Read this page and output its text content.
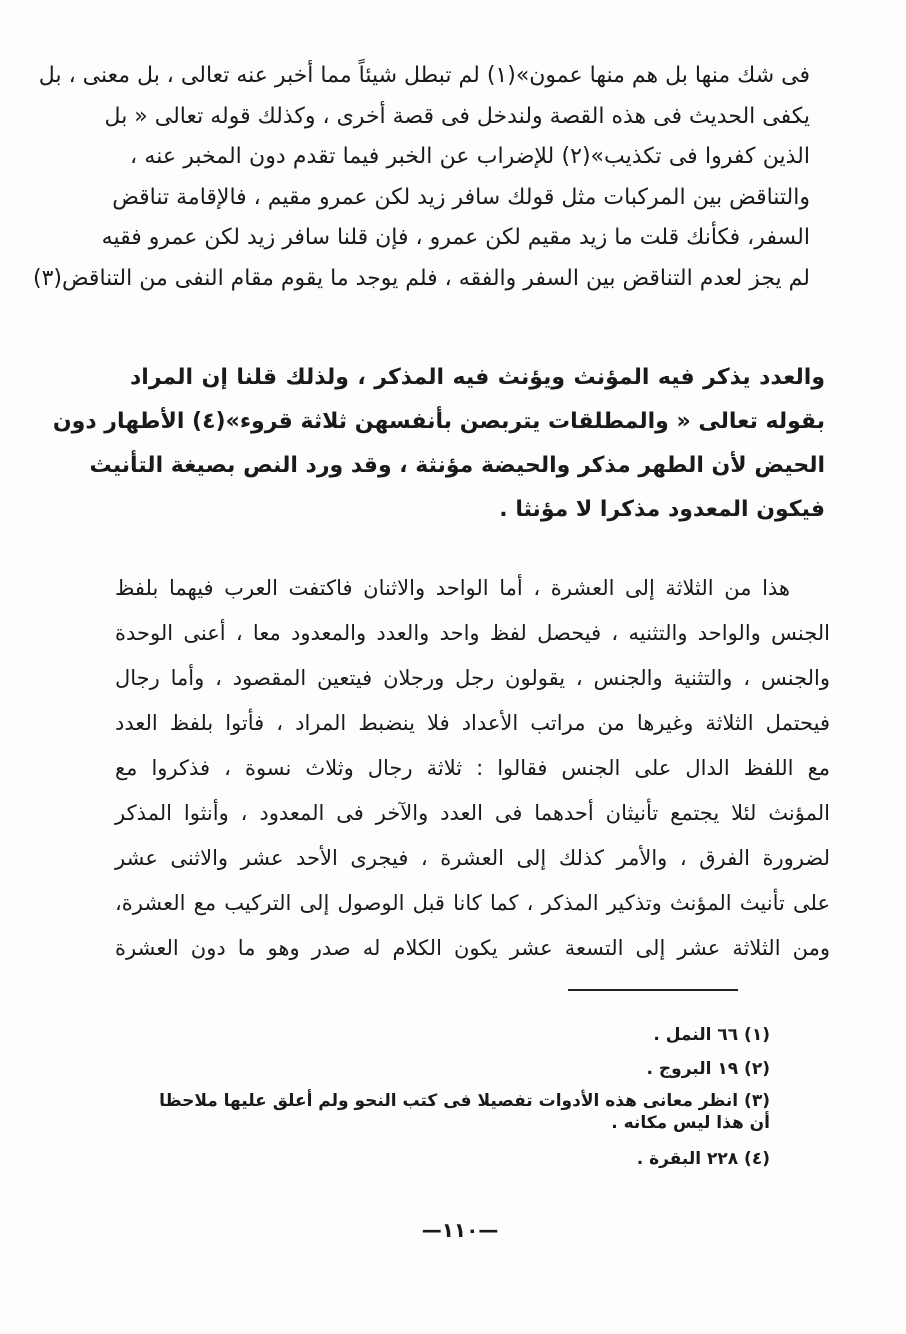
فى شك منها بل هم منها عمون»(١) لم تبطل شيئاً مما أخبر عنه تعالى ، بل معنى ، بل
يكفى الحديث فى هذه القصة ولندخل فى قصة أخرى ، وكذلك قوله تعالى « بل
الذين كفروا فى تكذيب»(٢) للإضراب عن الخبر فيما تقدم دون المخبر عنه ،
والتناقض بين المركبات مثل قولك سافر زيد لكن عمرو مقيم ، فالإقامة تناقض
السفر، فكأنك قلت ما زيد مقيم لكن عمرو ، فإن قلنا سافر زيد لكن عمرو فقيه
لم يجز لعدم التناقض بين السفر والفقه ، فلم يوجد ما يقوم مقام النفى من التناقض(٣)
والعدد يذكر فيه المؤنث ويؤنث فيه المذكر ، ولذلك قلنا إن المراد
بقوله تعالى « والمطلقات يتربصن بأنفسهن ثلاثة قروء»(٤) الأطهار دون
الحيض لأن الطهر مذكر والحيضة مؤنثة ، وقد ورد النص بصيغة التأنيث
فيكون المعدود مذكرا لا مؤنثا .
هذا من الثلاثة إلى العشرة ، أما الواحد والاثنان فاكتفت العرب فيهما بلفظ
الجنس والواحد والتثنيه ، فيحصل لفظ واحد والعدد والمعدود معا ، أعنى الوحدة
والجنس ، والتثنية والجنس ، يقولون رجل ورجلان فيتعين المقصود ، وأما رجال
فيحتمل الثلاثة وغيرها من مراتب الأعداد فلا ينضبط المراد ، فأتوا بلفظ العدد
مع اللفظ الدال على الجنس فقالوا : ثلاثة رجال وثلاث نسوة ، فذكروا مع
المؤنث لئلا يجتمع تأنيثان أحدهما فى العدد والآخر فى المعدود ، وأنثوا المذكر
لضرورة الفرق ، والأمر كذلك إلى العشرة ، فيجرى الأحد عشر والاثنى عشر
على تأنيث المؤنث وتذكير المذكر ، كما كانا قبل الوصول إلى التركيب مع العشرة،
ومن الثلاثة عشر إلى التسعة عشر يكون الكلام له صدر وهو ما دون العشرة
(١) ٦٦ النمل .
(٢) ١٩ البروج .
(٣) انظر معانى هذه الأدوات تفصيلا فى كتب النحو ولم أعلق عليها ملاحظا أن هذا ليس مكانه .
(٤) ٢٢٨ البقرة .
—١١٠—
